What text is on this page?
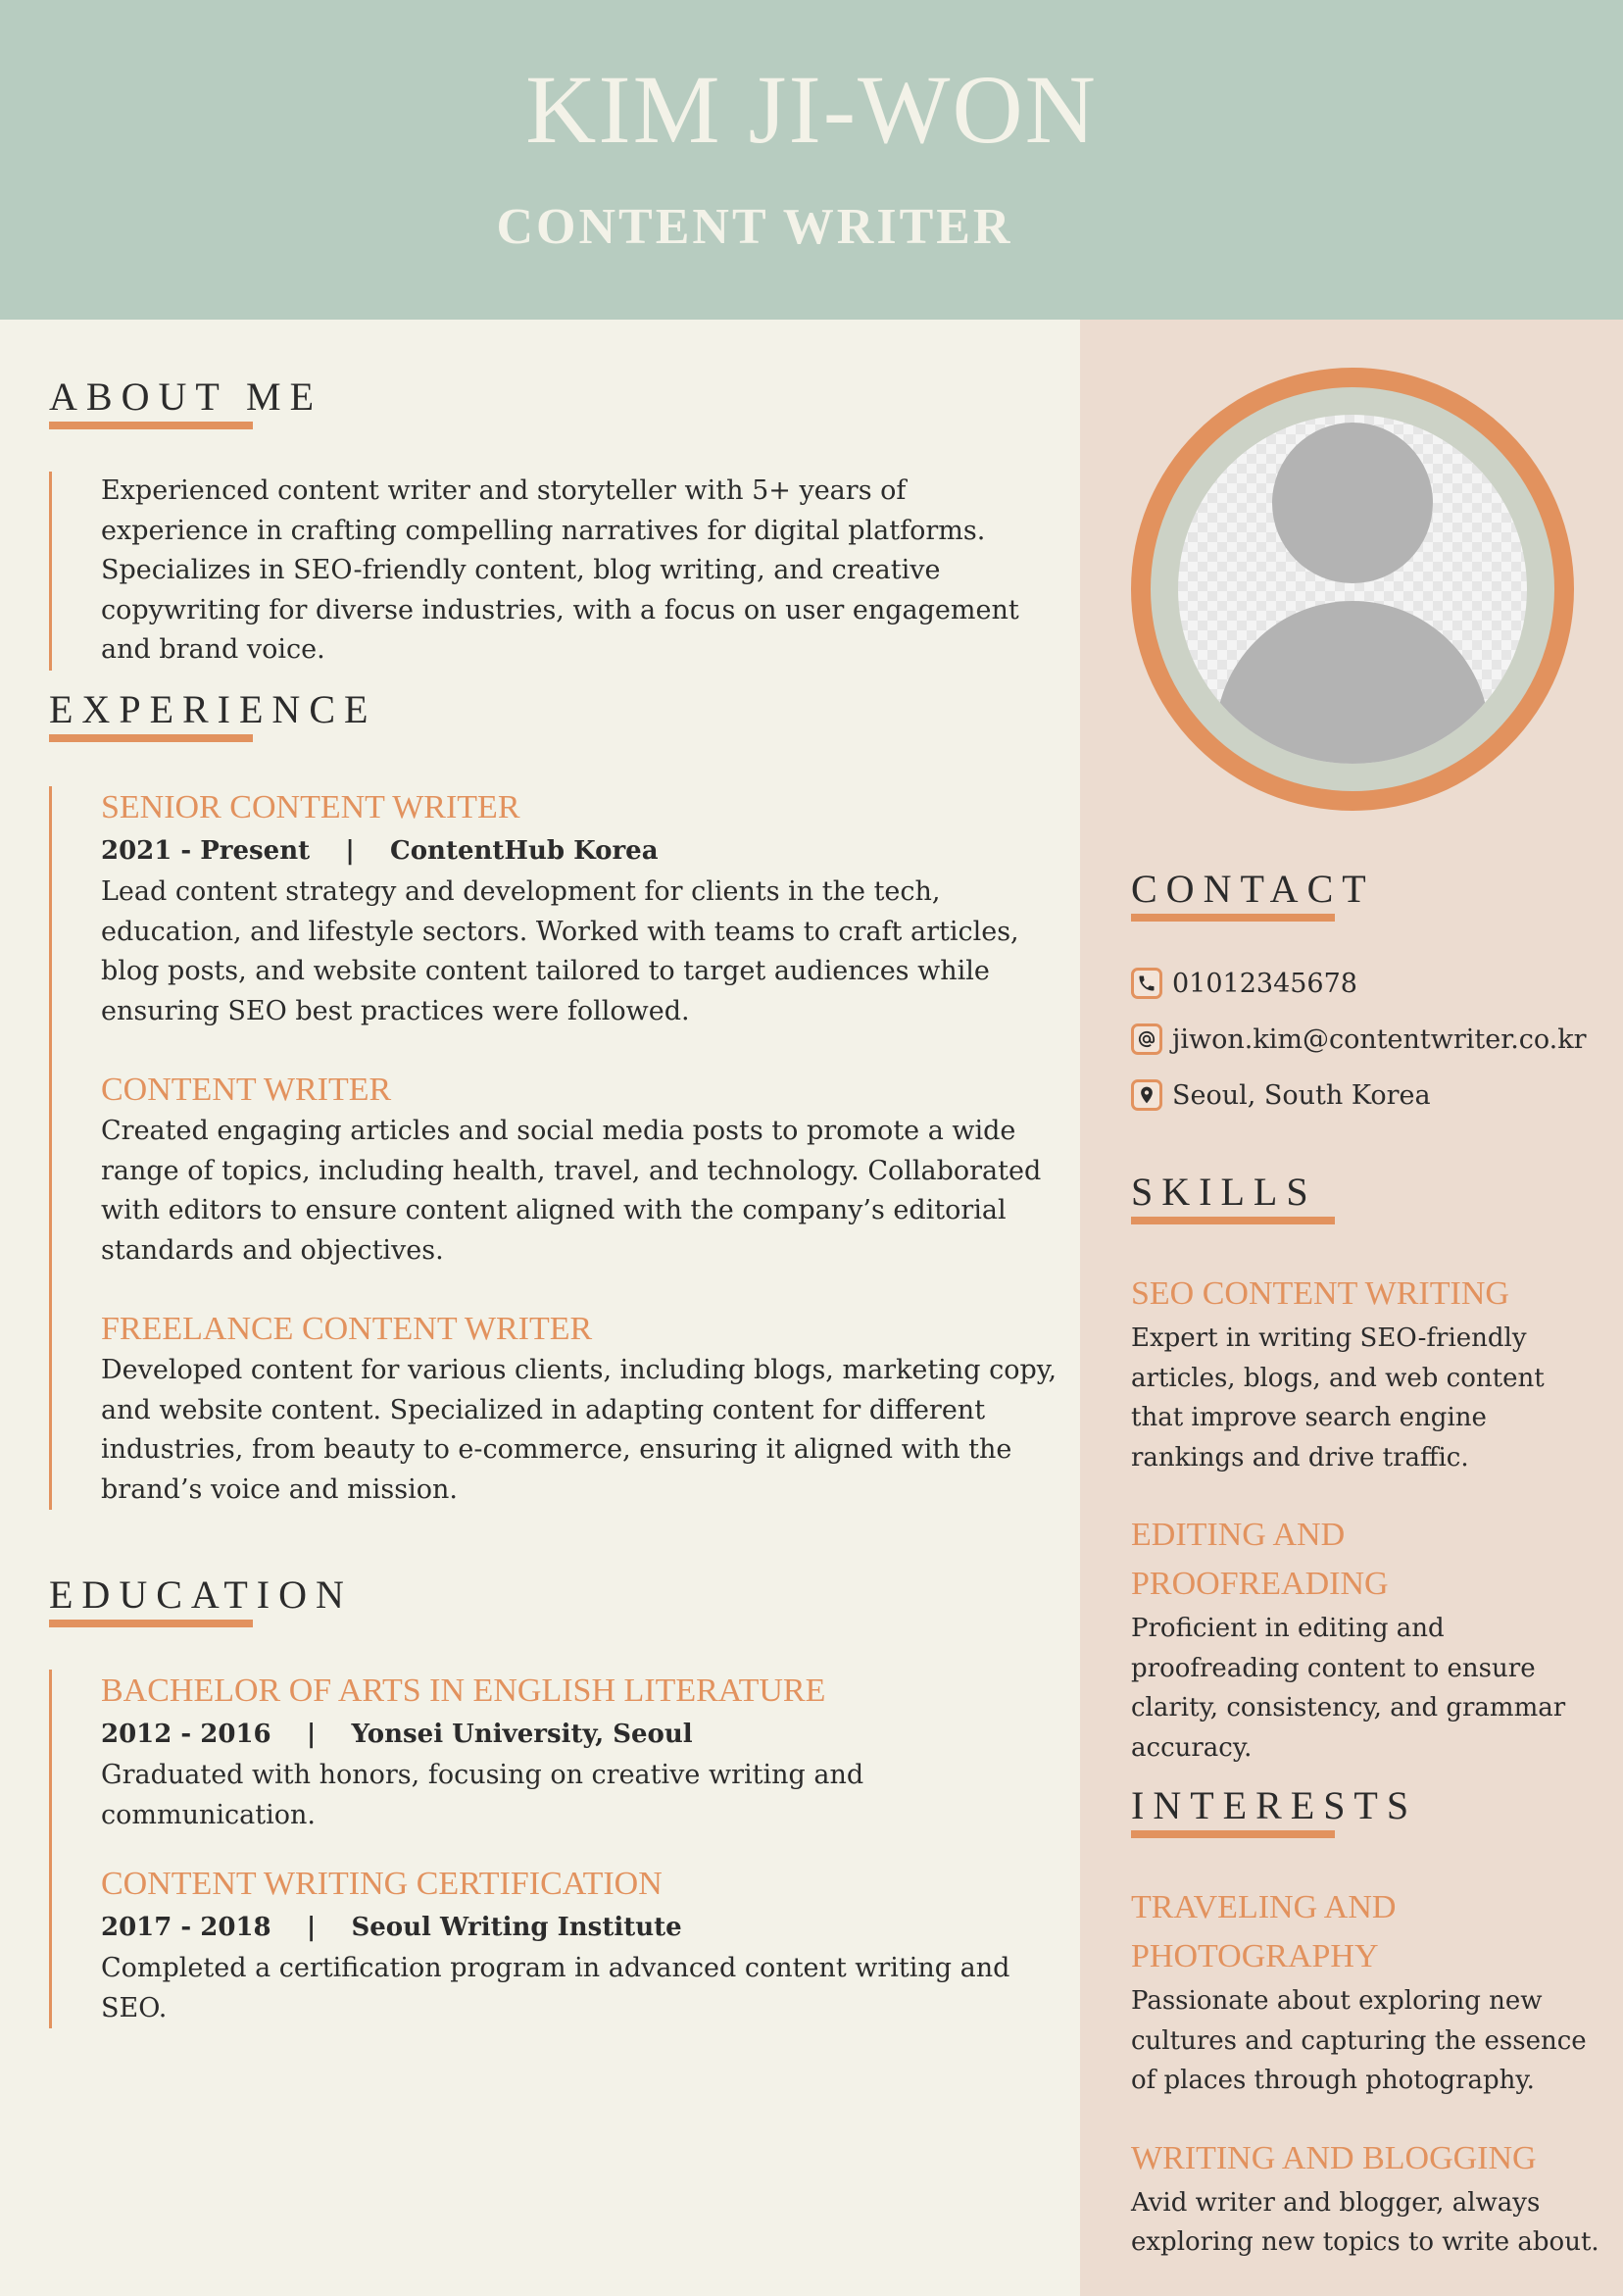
KIM JI-WON
CONTENT WRITER
ABOUT ME

Experienced content writer and storyteller with 5+ years of experience in crafting compelling narratives for digital platforms. Specializes in SEO-friendly content, blog writing, and creative copywriting for diverse industries, with a focus on user engagement and brand voice.

EXPERIENCE
SENIOR CONTENT WRITER
2021 - Present    |    ContentHub Korea

Lead content strategy and development for clients in the tech, education, and lifestyle sectors. Worked with teams to craft articles, blog posts, and website content tailored to target audiences while ensuring SEO best practices were followed.

CONTENT WRITER

Created engaging articles and social media posts to promote a wide range of topics, including health, travel, and technology. Collaborated with editors to ensure content aligned with the company’s editorial standards and objectives.

FREELANCE CONTENT WRITER

Developed content for various clients, including blogs, marketing copy, and website content. Specialized in adapting content for different industries, from beauty to e-commerce, ensuring it aligned with the brand’s voice and mission.

EDUCATION
BACHELOR OF ARTS IN ENGLISH LITERATURE
2012 - 2016    |    Yonsei University, Seoul

Graduated with honors, focusing on creative writing and communication.

CONTENT WRITING CERTIFICATION
2017 - 2018    |    Seoul Writing Institute

Completed a certification program in advanced content writing and SEO.

CONTACT
01012345678
jiwon.kim@contentwriter.co.kr
Seoul, South Korea
SKILLS
SEO CONTENT WRITING

Expert in writing SEO-friendly articles, blogs, and web content that improve search engine rankings and drive traffic.

EDITING AND PROOFREADING

Proficient in editing and proofreading content to ensure clarity, consistency, and grammar accuracy.

INTERESTS
TRAVELING AND PHOTOGRAPHY

Passionate about exploring new cultures and capturing the essence of places through photography.

WRITING AND BLOGGING

Avid writer and blogger, always exploring new topics to write about.
